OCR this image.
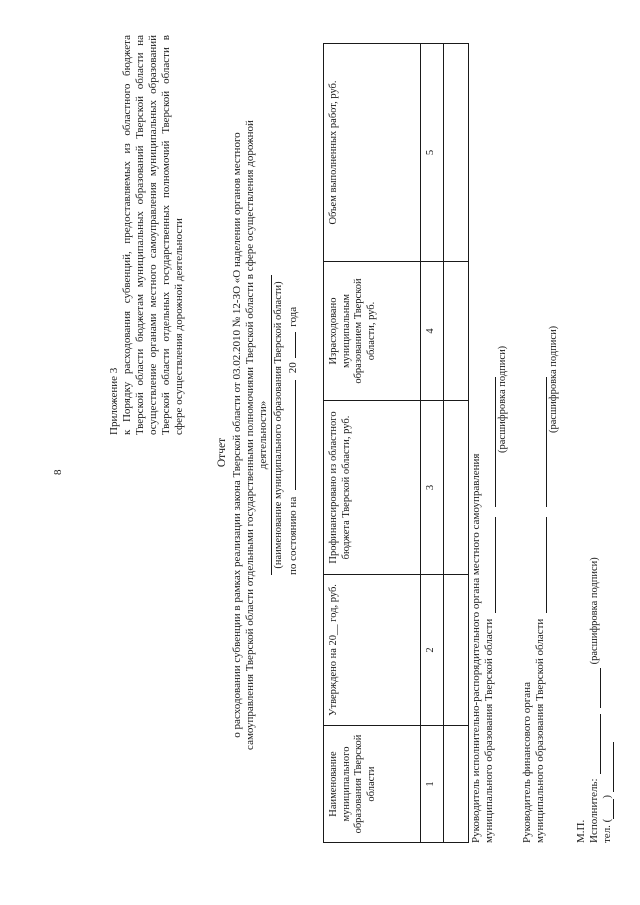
8
Приложение 3 к Порядку расходования субвенций, предоставляемых из областного бюджета Тверской области бюджетам муниципальных образований Тверской области на осуществление органами местного самоуправления муниципальных образований Тверской области отдельных государственных полномочий Тверской области в сфере осуществления дорожной деятельности
Отчет о расходовании субвенции в рамках реализации закона Тверской области от 03.02.2010 № 12-ЗО «О наделении органов местного самоуправления Тверской области отдельными государственными полномочиями Тверской области в сфере осуществления дорожной деятельности» (наименование муниципального образования Тверской области) по состоянию на  20  года
Наименование муниципального образования Тверской области	Утверждено на 20__ год, руб.	Профинансировано из областного бюджета Тверской области, руб.	Израсходовано муниципальным образованием Тверской области, руб.	Объем выполненных работ, руб.
1	2	3	4	5

Руководитель исполнительно-распорядительного органа местного самоуправления муниципального образования Тверской области
(расшифровка подписи)
Руководитель финансового органа муниципального образования Тверской области
(расшифровка подписи)
М.П. Исполнитель:
(расшифровка подписи)
тел. (
)
